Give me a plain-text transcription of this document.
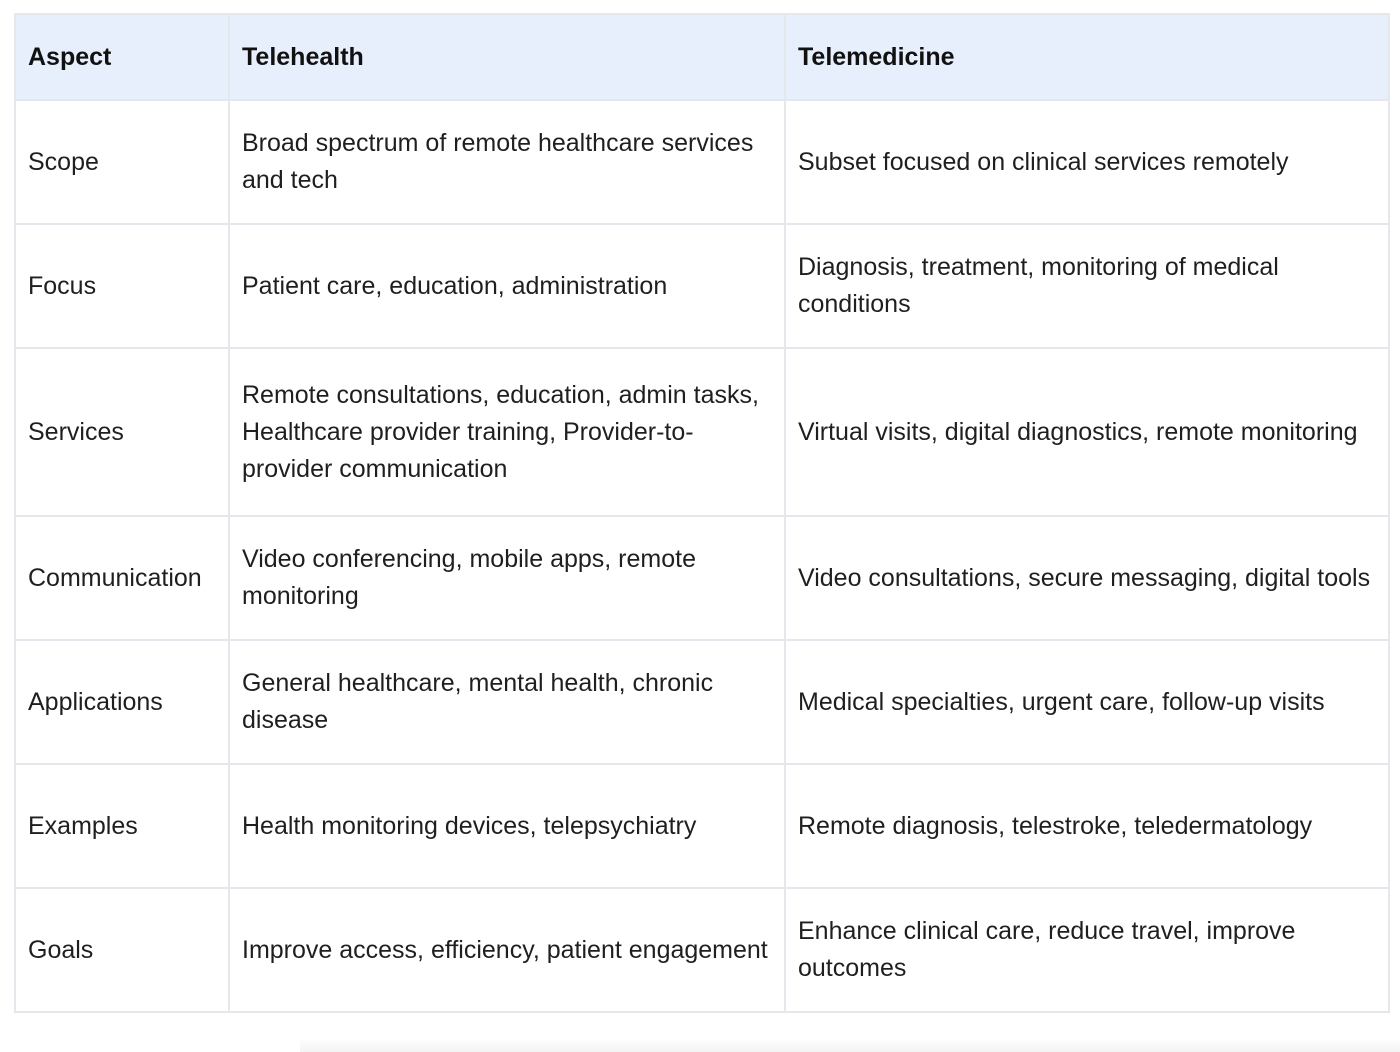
Aspect	Telehealth	Telemedicine
Scope	Broad spectrum of remote healthcare services and tech	Subset focused on clinical services remotely
Focus	Patient care, education, administration	Diagnosis, treatment, monitoring of medical conditions
Services	Remote consultations, education, admin tasks, Healthcare provider training, Provider-to-provider communication	Virtual visits, digital diagnostics, remote monitoring
Communication	Video conferencing, mobile apps, remote monitoring	Video consultations, secure messaging, digital tools
Applications	General healthcare, mental health, chronic disease	Medical specialties, urgent care, follow-up visits
Examples	Health monitoring devices, telepsychiatry	Remote diagnosis, telestroke, teledermatology
Goals	Improve access, efficiency, patient engagement	Enhance clinical care, reduce travel, improve outcomes
